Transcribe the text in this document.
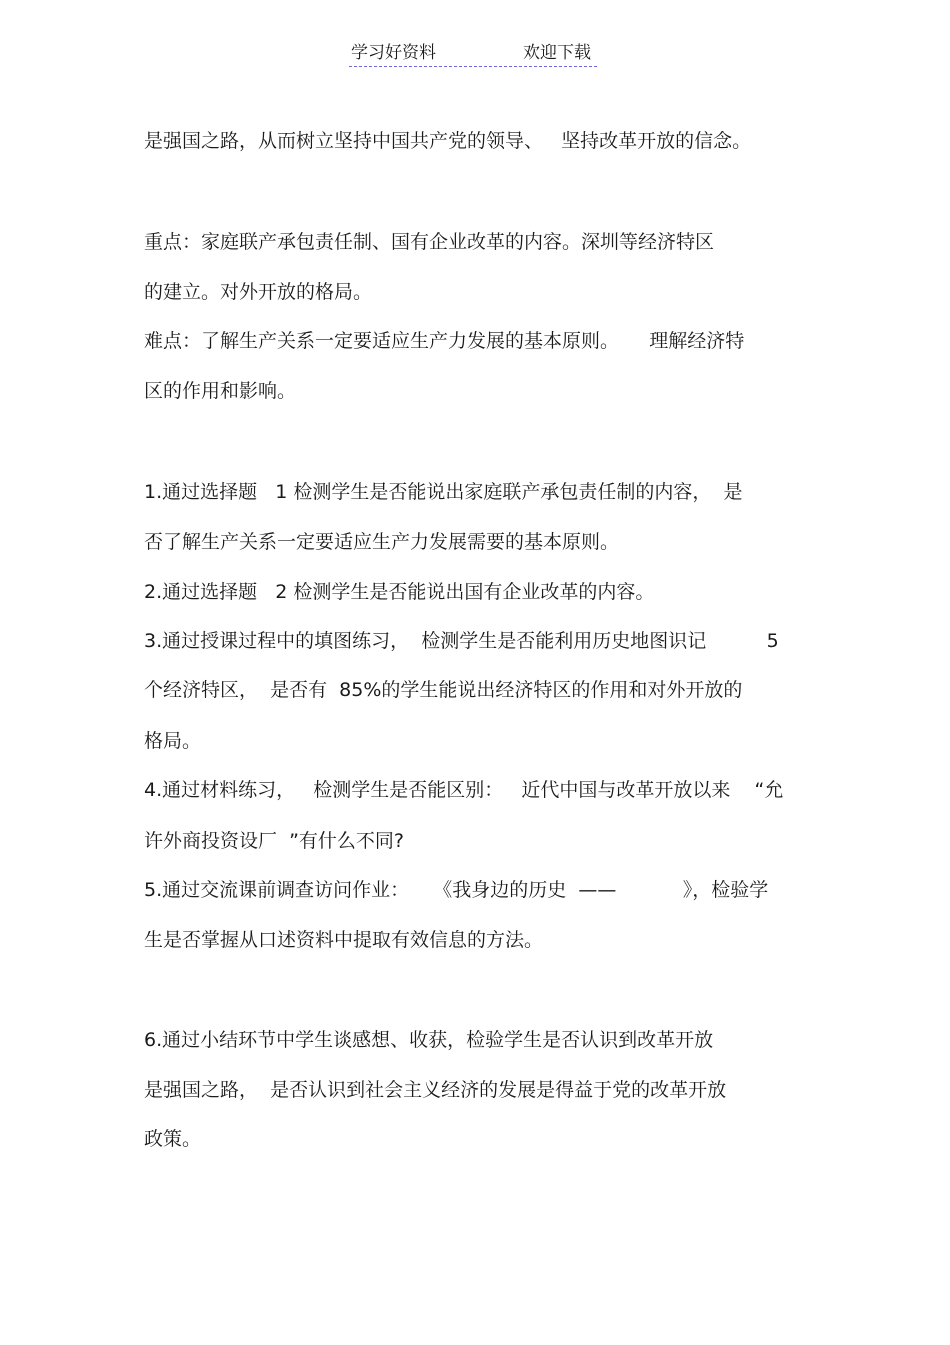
学习好资料	欢迎下载
是强国之路，从而树立坚持中国共产党的领导、   坚持改革开放的信念。
重点：家庭联产承包责任制、国有企业改革的内容。深圳等经济特区
的建立。对外开放的格局。
难点：了解生产关系一定要适应生产力发展的基本原则。     理解经济特
区的作用和影响。
1.通过选择题   1 检测学生是否能说出家庭联产承包责任制的内容，  是
否了解生产关系一定要适应生产力发展需要的基本原则。
2.通过选择题   2 检测学生是否能说出国有企业改革的内容。
3.通过授课过程中的填图练习，  检测学生是否能利用历史地图识记          5
个经济特区，  是否有  85%的学生能说出经济特区的作用和对外开放的
格局。
4.通过材料练习，   检测学生是否能区别：   近代中国与改革开放以来    “允
许外商投资设厂  ”有什么不同?
5.通过交流课前调查访问作业：    《我身边的历史  ——           》，检验学
生是否掌握从口述资料中提取有效信息的方法。
6.通过小结环节中学生谈感想、收获，检验学生是否认识到改革开放
是强国之路，  是否认识到社会主义经济的发展是得益于党的改革开放
政策。
